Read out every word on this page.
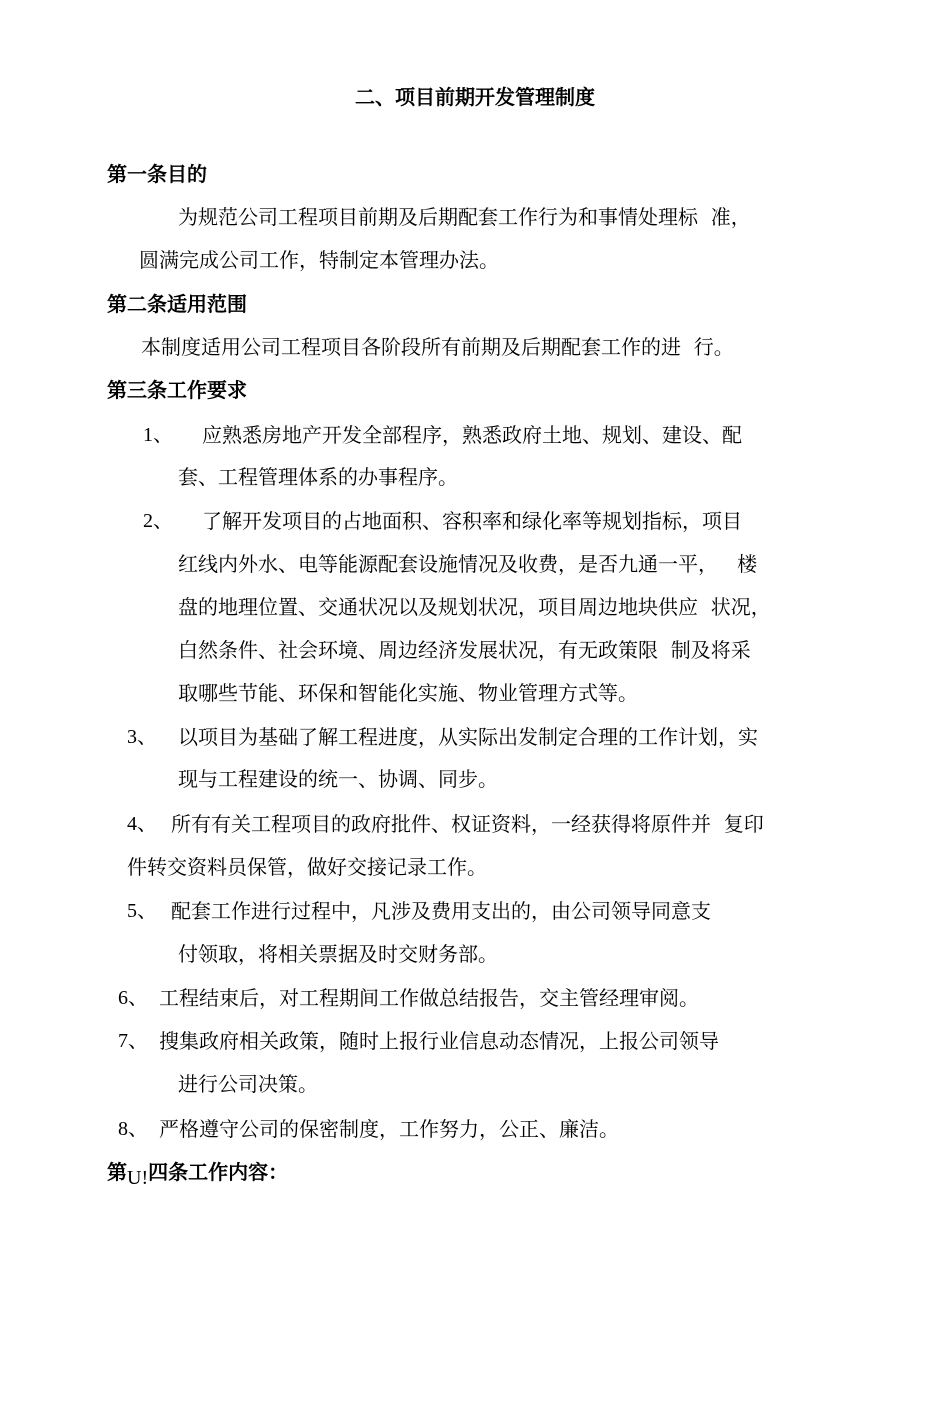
二、项目前期开发管理制度
第一条目的
为规范公司工程项目前期及后期配套工作行为和事情处理标  准，
圆满完成公司工作，特制定本管理办法。
第二条适用范围
本制度适用公司工程项目各阶段所有前期及后期配套工作的进  行。
第三条工作要求
1、 应熟悉房地产开发全部程序，熟悉政府土地、规划、建设、配
套、工程管理体系的办事程序。
2、 了解开发项目的占地面积、容积率和绿化率等规划指标，项目
红线内外水、电等能源配套设施情况及收费，是否九通一平，   楼
盘的地理位置、交通状况以及规划状况，项目周边地块供应  状况，
白然条件、社会环境、周边经济发展状况，有无政策限  制及将采
取哪些节能、环保和智能化实施、物业管理方式等。
3、 以项目为基础了解工程进度，从实际出发制定合理的工作计划，实
现与工程建设的统一、协调、同步。
4、 所有有关工程项目的政府批件、权证资料，一经获得将原件并  复印
件转交资料员保管，做好交接记录工作。
5、 配套工作进行过程中，凡涉及费用支出的，由公司领导同意支
付领取，将相关票据及时交财务部。
6、 工程结束后，对工程期间工作做总结报告，交主管经理审阅。
7、 搜集政府相关政策，随时上报行业信息动态情况，上报公司领导
进行公司决策。
8、 严格遵守公司的保密制度，工作努力，公正、廉洁。
第U!四条工作内容：
